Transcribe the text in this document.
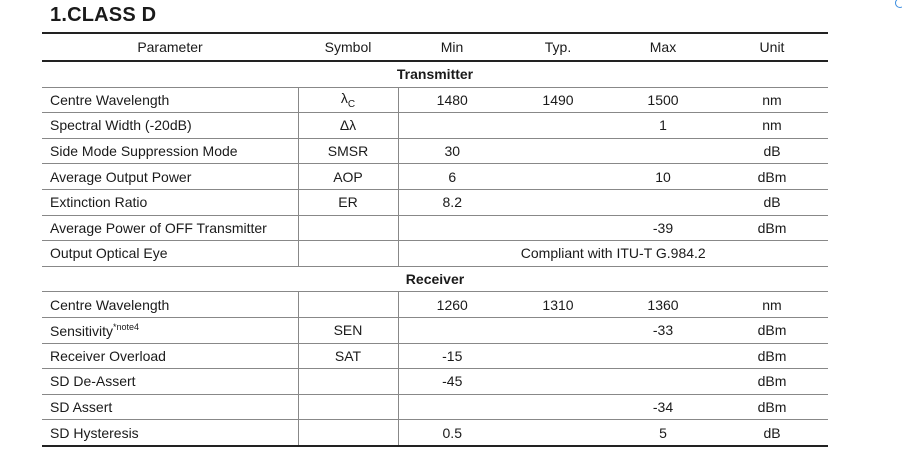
1.CLASS D
Parameter	Symbol	Min	Typ.	Max	Unit
Transmitter					
Centre Wavelength	$\lambda_C$	1480	1490	1500	nm
Spectral Width (-20dB)	Δλ			1	nm
Side Mode Suppression Mode	SMSR	30			dB
Average Output Power	AOP	6		10	dBm
Extinction Ratio	ER	8.2			dB
Average Power of OFF Transmitter				-39	dBm
Output Optical Eye		Compliant with ITU-T G.984.2			
Receiver					
Centre Wavelength		1260	1310	1360	nm
Sensitivity$^{*note4}$	SEN			-33	dBm
Receiver Overload	SAT	-15			dBm
SD De-Assert		-45			dBm
SD Assert				-34	dBm
SD Hysteresis		0.5		5	dB
